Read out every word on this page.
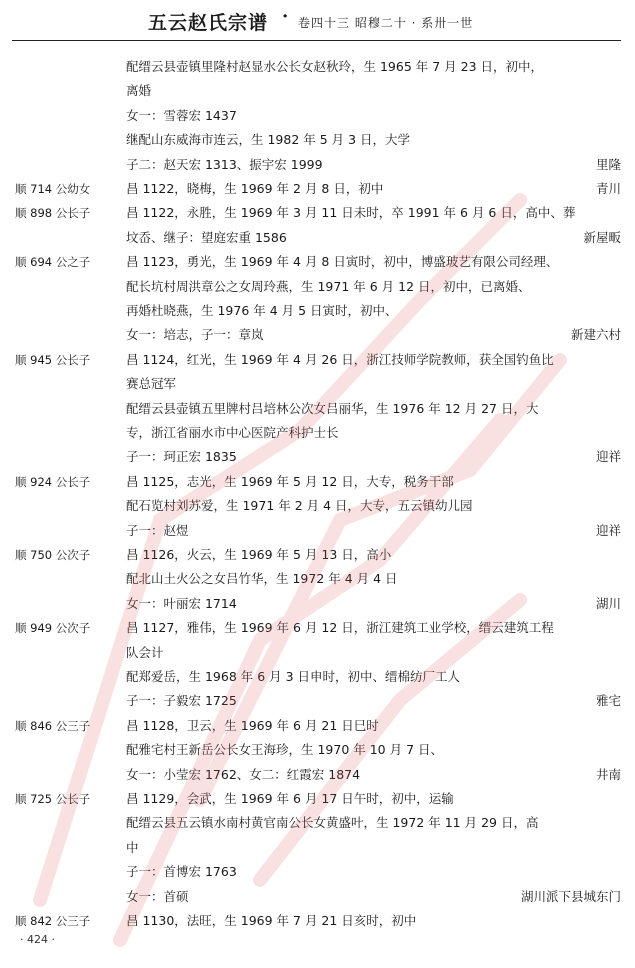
五云赵氏宗谱 · 卷四十三 昭穆二十 · 系卅一世
配缙云县壶镇里隆村赵显水公长女赵秋玲，生 1965 年 7 月 23 日，初中，
离婚
女一：雪蓉宏 1437
继配山东威海市连云，生 1982 年 5 月 3 日，大学
子二：赵天宏 1313、振宇宏 1999	里隆
顺 714 公幼女	昌 1122，晓梅，生 1969 年 2 月 8 日，初中	青川
顺 898 公长子	昌 1122，永胜，生 1969 年 3 月 11 日未时，卒 1991 年 6 月 6 日，高中、葬
坟岙、继子：望庭宏重 1586	新屋畈
顺 694 公之子	昌 1123，勇光，生 1969 年 4 月 8 日寅时，初中，博盛玻艺有限公司经理、
配长坑村周洪章公之女周玲燕，生 1971 年 6 月 12 日，初中，已离婚、
再婚杜晓燕，生 1976 年 4 月 5 日寅时，初中、
女一：培志，子一：章岚	新建六村
顺 945 公长子	昌 1124，红光，生 1969 年 4 月 26 日，浙江技师学院教师，获全国钓鱼比
赛总冠军
配缙云县壶镇五里牌村吕培林公次女吕丽华，生 1976 年 12 月 27 日，大
专，浙江省丽水市中心医院产科护士长
子一：珂正宏 1835	迎祥
顺 924 公长子	昌 1125，志光，生 1969 年 5 月 12 日，大专，税务干部
配石览村刘苏爱，生 1971 年 2 月 4 日，大专，五云镇幼儿园
子一：赵煜	迎祥
顺 750 公次子	昌 1126，火云，生 1969 年 5 月 13 日，高小
配北山土火公之女吕竹华，生 1972 年 4 月 4 日
女一：叶丽宏 1714	湖川
顺 949 公次子	昌 1127，雅伟，生 1969 年 6 月 12 日，浙江建筑工业学校，缙云建筑工程
队会计
配郑爱岳，生 1968 年 6 月 3 日申时，初中、缙棉纺厂工人
子一：子毅宏 1725	雅宅
顺 846 公三子	昌 1128，卫云，生 1969 年 6 月 21 日巳时
配雅宅村王新岳公长女王海珍，生 1970 年 10 月 7 日、
女一：小莹宏 1762、女二：红霞宏 1874	井南
顺 725 公长子	昌 1129，会武，生 1969 年 6 月 17 日午时，初中，运输
配缙云县五云镇水南村黄官南公长女黄盛叶，生 1972 年 11 月 29 日，高
中
子一：首博宏 1763
女一：首硕	湖川派下县城东门
顺 842 公三子	昌 1130，法旺，生 1969 年 7 月 21 日亥时，初中
· 424 ·
